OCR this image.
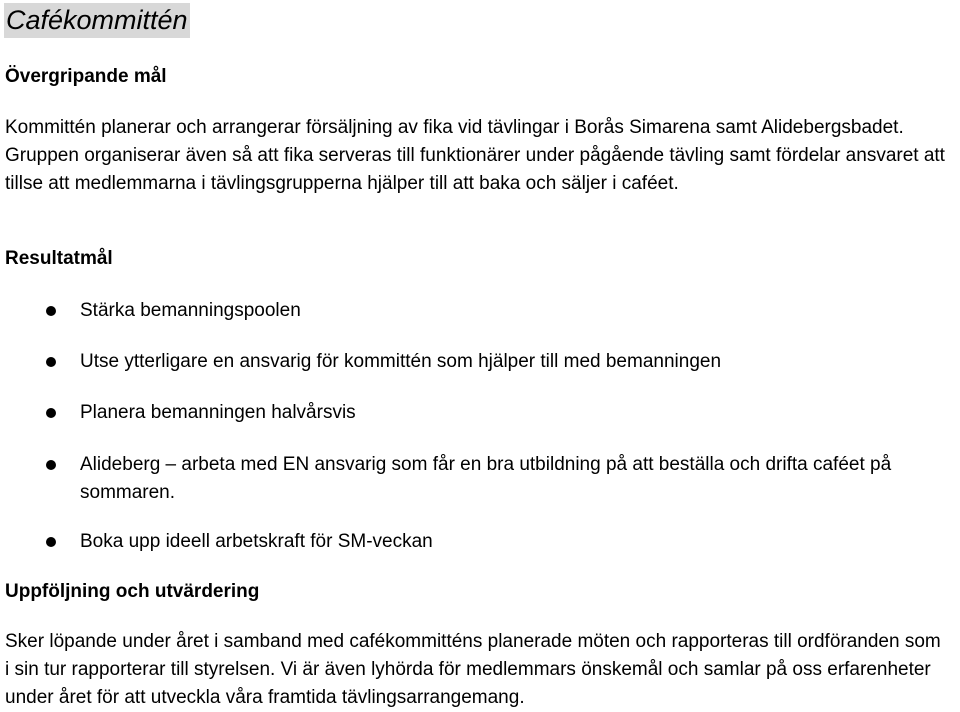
Cafékommittén
Övergripande mål
Kommittén planerar och arrangerar försäljning av fika vid tävlingar i Borås Simarena samt Alidebergsbadet. Gruppen organiserar även så att fika serveras till funktionärer under pågående tävling samt fördelar ansvaret att tillse att medlemmarna i tävlingsgrupperna hjälper till att baka och säljer i caféet.
Resultatmål
Stärka bemanningspoolen
Utse ytterligare en ansvarig för kommittén som hjälper till med bemanningen
Planera bemanningen halvårsvis
Alideberg – arbeta med EN ansvarig som får en bra utbildning på att beställa och drifta caféet på sommaren.
Boka upp ideell arbetskraft för SM-veckan
Uppföljning och utvärdering
Sker löpande under året i samband med cafékommitténs planerade möten och rapporteras till ordföranden som i sin tur rapporterar till styrelsen. Vi är även lyhörda för medlemmars önskemål och samlar på oss erfarenheter under året för att utveckla våra framtida tävlingsarrangemang.
